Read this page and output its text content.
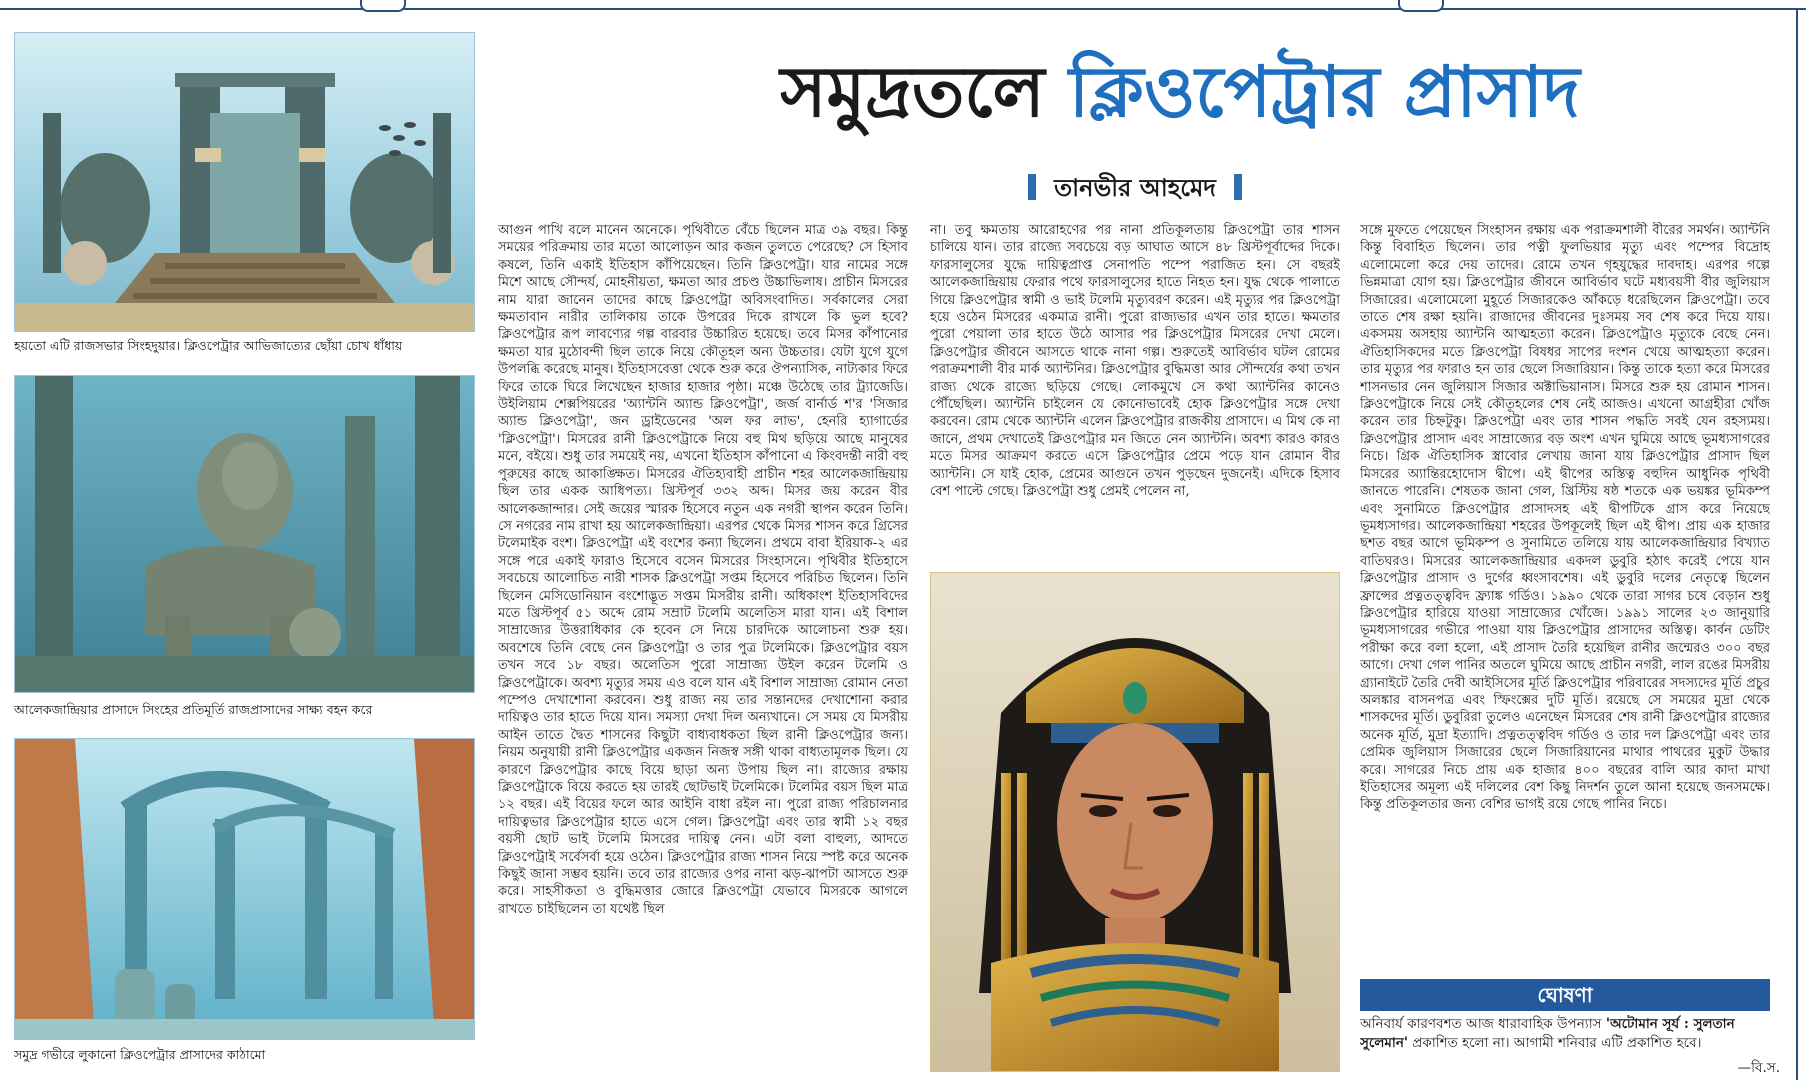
হয়তো এটি রাজসভার সিংহদুয়ার। ক্লিওপেট্রার আভিজাত্যের ছোঁয়া চোখ ধাঁধায়
আলেকজান্দ্রিয়ার প্রাসাদে সিংহের প্রতিমূর্তি রাজপ্রাসাদের সাক্ষ্য বহন করে
সমুদ্র গভীরে লুকানো ক্লিওপেট্রার প্রাসাদের কাঠামো
সমুদ্রতলে ক্লিওপেট্রার প্রাসাদ
তানভীর আহমেদ
আগুন পাখি বলে মানেন অনেকে। পৃথিবীতে বেঁচে ছিলেন মাত্র ৩৯ বছর। কিন্তু সময়ের পরিক্রমায় তার মতো আলোড়ন আর কজন তুলতে পেরেছে? সে হিসাব কষলে, তিনি একাই ইতিহাস কাঁপিয়েছেন। তিনি ক্লিওপেট্রা। যার নামের সঙ্গে মিশে আছে সৌন্দর্য, মোহনীয়তা, ক্ষমতা আর প্রচণ্ড উচ্চাভিলাষ। প্রাচীন মিসরের নাম যারা জানেন তাদের কাছে ক্লিওপেট্রা অবিসংবাদিত। সর্বকালের সেরা ক্ষমতাবান নারীর তালিকায় তাকে উপরের দিকে রাখলে কি ভুল হবে? ক্লিওপেট্রার রূপ লাবণ্যের গল্প বারবার উচ্চারিত হয়েছে। তবে মিসর কাঁপানোর ক্ষমতা যার মুঠোবন্দী ছিল তাকে নিয়ে কৌতূহল অন্য উচ্চতার। যেটা যুগে যুগে উপলব্ধি করেছে মানুষ। ইতিহাসবেত্তা থেকে শুরু করে ঔপন্যাসিক, নাট্যকার ফিরে ফিরে তাকে ঘিরে লিখেছেন হাজার হাজার পৃষ্ঠা। মঞ্চে উঠেছে তার ট্র্যাজেডি। উইলিয়াম শেক্সপিয়রের 'অ্যান্টনি অ্যান্ড ক্লিওপেট্রা', জর্জ বার্নার্ড শ'র 'সিজার অ্যান্ড ক্লিওপেট্রা', জন ড্রাইডেনের 'অল ফর লাভ', হেনরি হ্যাগার্ডের 'ক্লিওপেট্রা'। মিসরের রানী ক্লিওপেট্রাকে নিয়ে বহু মিথ ছড়িয়ে আছে মানুষের মনে, বইয়ে। শুধু তার সময়েই নয়, এখনো ইতিহাস কাঁপানো এ কিংবদন্তী নারী বহু পুরুষের কাছে আকাঙ্ক্ষিত। মিসরের ঐতিহ্যবাহী প্রাচীন শহর আলেকজান্দ্রিয়ায় ছিল তার একক আধিপত্য। খ্রিস্টপূর্ব ৩৩২ অব্দ। মিসর জয় করেন বীর আলেকজান্দার। সেই জয়ের স্মারক হিসেবে নতুন এক নগরী স্থাপন করেন তিনি। সে নগরের নাম রাখা হয় আলেকজান্দ্রিয়া। এরপর থেকে মিসর শাসন করে গ্রিসের টলেমাইক বংশ। ক্লিওপেট্রা এই বংশের কন্যা ছিলেন। প্রথমে বাবা ইরিয়াক-২ এর সঙ্গে পরে একাই ফারাও হিসেবে বসেন মিসরের সিংহাসনে। পৃথিবীর ইতিহাসে সবচেয়ে আলোচিত নারী শাসক ক্লিওপেট্রা সপ্তম হিসেবে পরিচিত ছিলেন। তিনি ছিলেন মেসিডোনিয়ান বংশোদ্ভূত সপ্তম মিসরীয় রানী। অধিকাংশ ইতিহাসবিদের মতে খ্রিস্টপূর্ব ৫১ অব্দে রোম সম্রাট টলেমি অলেতিস মারা যান। এই বিশাল সাম্রাজ্যের উত্তরাধিকার কে হবেন সে নিয়ে চারদিকে আলোচনা শুরু হয়। অবশেষে তিনি বেছে নেন ক্লিওপেট্রা ও তার পুত্র টলেমিকে। ক্লিওপেট্রার বয়স তখন সবে ১৮ বছর। অলেতিস পুরো সাম্রাজ্য উইল করেন টলেমি ও ক্লিওপেট্রাকে। অবশ্য মৃত্যুর সময় এও বলে যান এই বিশাল সাম্রাজ্য রোমান নেতা পম্পেও দেখাশোনা করবেন। শুধু রাজ্য নয় তার সন্তানদের দেখাশোনা করার দায়িত্বও তার হাতে দিয়ে যান। সমস্যা দেখা দিল অন্যখানে। সে সময় যে মিসরীয় আইন তাতে দ্বৈত শাসনের কিছুটা বাধ্যবাধকতা ছিল রানী ক্লিওপেট্রার জন্য। নিয়ম অনুযায়ী রানী ক্লিওপেট্রার একজন নিজস্ব সঙ্গী থাকা বাধ্যতামূলক ছিল। যে কারণে ক্লিওপেট্রার কাছে বিয়ে ছাড়া অন্য উপায় ছিল না। রাজ্যের রক্ষায় ক্লিওপেট্রাকে বিয়ে করতে হয় তারই ছোটভাই টলেমিকে। টলেমির বয়স ছিল মাত্র ১২ বছর। এই বিয়ের ফলে আর আইনি বাধা রইল না। পুরো রাজ্য পরিচালনার দায়িত্বভার ক্লিওপেট্রার হাতে এসে গেল। ক্লিওপেট্রা এবং তার স্বামী ১২ বছর বয়সী ছোট ভাই টলেমি মিসরের দায়িত্ব নেন। এটা বলা বাহুল্য, আদতে ক্লিওপেট্রাই সর্বেসর্বা হয়ে ওঠেন। ক্লিওপেট্রার রাজ্য শাসন নিয়ে স্পষ্ট করে অনেক কিছুই জানা সম্ভব হয়নি। তবে তার রাজ্যের ওপর নানা ঝড়-ঝাপটা আসতে শুরু করে। সাহসীকতা ও বুদ্ধিমত্তার জোরে ক্লিওপেট্রা যেভাবে মিসরকে আগলে রাখতে চাইছিলেন তা যথেষ্ট ছিল
না। তবু ক্ষমতায় আরোহণের পর নানা প্রতিকূলতায় ক্লিওপেট্রা তার শাসন চালিয়ে যান। তার রাজ্যে সবচেয়ে বড় আঘাত আসে ৪৮ খ্রিস্টপূর্বাব্দের দিকে। ফারসালুসের যুদ্ধে দায়িত্বপ্রাপ্ত সেনাপতি পম্পে পরাজিত হন। সে বছরই আলেকজান্দ্রিয়ায় ফেরার পথে ফারসালুসের হাতে নিহত হন। যুদ্ধ থেকে পালাতে গিয়ে ক্লিওপেট্রার স্বামী ও ভাই টলেমি মৃত্যুবরণ করেন। এই মৃত্যুর পর ক্লিওপেট্রা হয়ে ওঠেন মিসরের একমাত্র রানী। পুরো রাজ্যভার এখন তার হাতে। ক্ষমতার পুরো পেয়ালা তার হাতে উঠে আসার পর ক্লিওপেট্রার মিসরের দেখা মেলে। ক্লিওপেট্রার জীবনে আসতে থাকে নানা গল্প। শুরুতেই আবির্ভাব ঘটল রোমের পরাক্রমশালী বীর মার্ক অ্যান্টনির। ক্লিওপেট্রার বুদ্ধিমত্তা আর সৌন্দর্যের কথা তখন রাজ্য থেকে রাজ্যে ছড়িয়ে গেছে। লোকমুখে সে কথা অ্যান্টনির কানেও পৌঁছেছিল। অ্যান্টনি চাইলেন যে কোনোভাবেই হোক ক্লিওপেট্রার সঙ্গে দেখা করবেন। রোম থেকে অ্যান্টনি এলেন ক্লিওপেট্রার রাজকীয় প্রাসাদে। এ মিথ কে না জানে, প্রথম দেখাতেই ক্লিওপেট্রার মন জিতে নেন অ্যান্টনি। অবশ্য কারও কারও মতে মিসর আক্রমণ করতে এসে ক্লিওপেট্রার প্রেমে পড়ে যান রোমান বীর অ্যান্টনি। সে যাই হোক, প্রেমের আগুনে তখন পুড়ছেন দুজনেই। এদিকে হিসাব বেশ পাল্টে গেছে। ক্লিওপেট্রা শুধু প্রেমই পেলেন না,
সঙ্গে মুফতে পেয়েছেন সিংহাসন রক্ষায় এক পরাক্রমশালী বীরের সমর্থন। অ্যান্টনি কিন্তু বিবাহিত ছিলেন। তার পত্নী ফুলভিয়ার মৃত্যু এবং পম্পের বিদ্রোহ এলোমেলো করে দেয় তাদের। রোমে তখন গৃহযুদ্ধের দাবদাহ। এরপর গল্পে ভিন্নমাত্রা যোগ হয়। ক্লিওপেট্রার জীবনে আবির্ভাব ঘটে মধ্যবয়সী বীর জুলিয়াস সিজারের। এলোমেলো মুহূর্তে সিজারকেও আঁকড়ে ধরেছিলেন ক্লিওপেট্রা। তবে তাতে শেষ রক্ষা হয়নি। রাজাদের জীবনের দুঃসময় সব শেষ করে দিয়ে যায়। একসময় অসহায় অ্যান্টনি আত্মহত্যা করেন। ক্লিওপেট্রাও মৃত্যুকে বেছে নেন। ঐতিহাসিকদের মতে ক্লিওপেট্রা বিষধর সাপের দংশন খেয়ে আত্মহত্যা করেন। তার মৃত্যুর পর ফারাও হন তার ছেলে সিজারিয়ান। কিন্তু তাকে হত্যা করে মিসরের শাসনভার নেন জুলিয়াস সিজার অক্টাভিয়ানাস। মিসরে শুরু হয় রোমান শাসন। ক্লিওপেট্রাকে নিয়ে সেই কৌতূহলের শেষ নেই আজও। এখনো আগ্রহীরা খোঁজ করেন তার চিহ্নটুকু। ক্লিওপেট্রা এবং তার শাসন পদ্ধতি সবই যেন রহস্যময়। ক্লিওপেট্রার প্রাসাদ এবং সাম্রাজ্যের বড় অংশ এখন ঘুমিয়ে আছে ভূমধ্যসাগরের নিচে। গ্রিক ঐতিহাসিক স্ত্রাবোর লেখায় জানা যায় ক্লিওপেট্রার প্রাসাদ ছিল মিসরের অ্যান্তিরহোদোস দ্বীপে। এই দ্বীপের অস্তিত্ব বহুদিন আধুনিক পৃথিবী জানতে পারেনি। শেষতক জানা গেল, খ্রিস্টিয় ষষ্ঠ শতকে এক ভয়ঙ্কর ভূমিকম্প এবং সুনামিতে ক্লিওপেট্রার প্রাসাদসহ এই দ্বীপটিকে গ্রাস করে নিয়েছে ভূমধ্যসাগর। আলেকজান্দ্রিয়া শহরের উপকূলেই ছিল এই দ্বীপ। প্রায় এক হাজার ছশত বছর আগে ভূমিকম্প ও সুনামিতে তলিয়ে যায় আলেকজান্দ্রিয়ার বিখ্যাত বাতিঘরও। মিসরের আলেকজান্দ্রিয়ার একদল ডুবুরি হঠাৎ করেই পেয়ে যান ক্লিওপেট্রার প্রাসাদ ও দুর্গের ধ্বংসাবশেষ। এই ডুবুরি দলের নেতৃত্বে ছিলেন ফ্রান্সের প্রত্নতত্ত্ববিদ ফ্র্যাঙ্ক গর্ডিও। ১৯৯০ থেকে তারা সাগর চষে বেড়ান শুধু ক্লিওপেট্রার হারিয়ে যাওয়া সাম্রাজ্যের খোঁজে। ১৯৯১ সালের ২৩ জানুয়ারি ভূমধ্যসাগরের গভীরে পাওয়া যায় ক্লিওপেট্রার প্রাসাদের অস্তিত্ব। কার্বন ডেটিং পরীক্ষা করে বলা হলো, এই প্রাসাদ তৈরি হয়েছিল রানীর জন্মেরও ৩০০ বছর আগে। দেখা গেল পানির অতলে ঘুমিয়ে আছে প্রাচীন নগরী, লাল রঙের মিসরীয় গ্র্যানাইটে তৈরি দেবী আইসিসের মূর্তি ক্লিওপেট্রার পরিবারের সদস্যদের মূর্তি প্রচুর অলঙ্কার বাসনপত্র এবং স্ফিংক্সের দুটি মূর্তি। রয়েছে সে সময়ের মুদ্রা থেকে শাসকদের মূর্তি। ডুবুরিরা তুলেও এনেছেন মিসরের শেষ রানী ক্লিওপেট্রার রাজ্যের অনেক মূর্তি, মুদ্রা ইত্যাদি। প্রত্নতত্ত্ববিদ গর্ডিও ও তার দল ক্লিওপেট্রা এবং তার প্রেমিক জুলিয়াস সিজারের ছেলে সিজারিয়ানের মাথার পাথরের মুকুট উদ্ধার করে। সাগরের নিচে প্রায় এক হাজার ৪০০ বছরের বালি আর কাদা মাখা ইতিহাসের অমূল্য এই দলিলের বেশ কিছু নিদর্শন তুলে আনা হয়েছে জনসমক্ষে। কিন্তু প্রতিকূলতার জন্য বেশির ভাগই রয়ে গেছে পানির নিচে।
ঘোষণা
অনিবার্য কারণবশত আজ ধারাবাহিক উপন্যাস 'অটোমান সূর্য : সুলতান সুলেমান' প্রকাশিত হলো না। আগামী শনিবার এটি প্রকাশিত হবে।
—বি.স.
